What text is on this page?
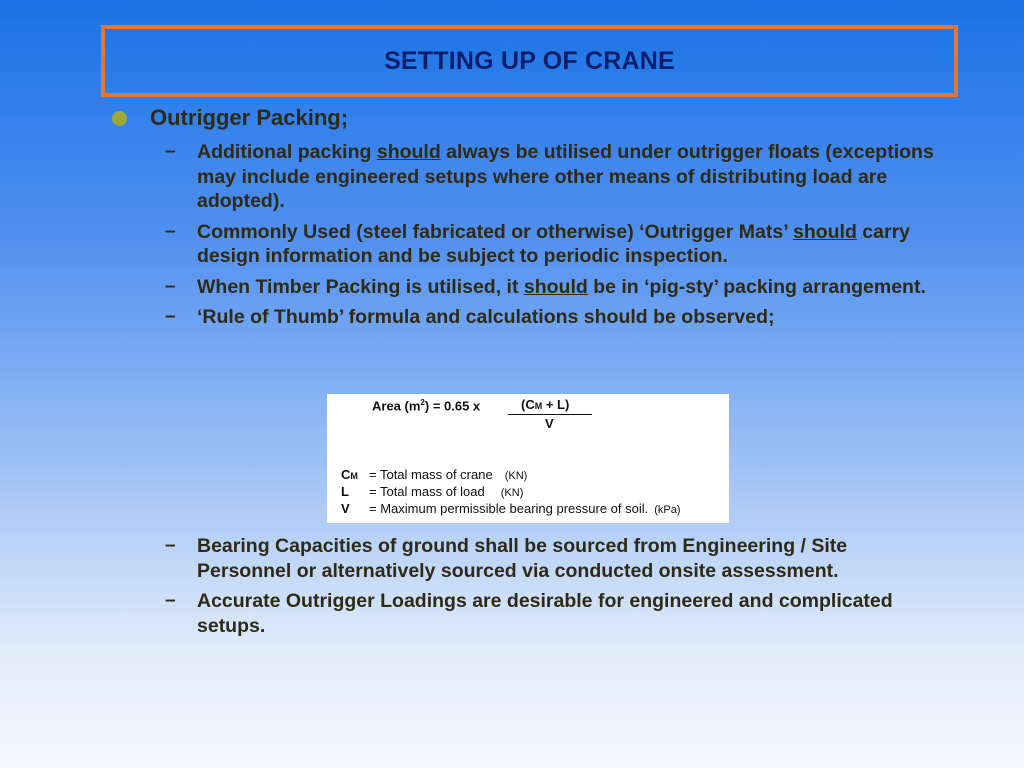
SETTING UP OF CRANE
Outrigger Packing;
–	Additional packing should always be utilised under outrigger floats (exceptions may include engineered setups where other means of distributing load are adopted).
–	Commonly Used (steel fabricated or otherwise) ‘Outrigger Mats’ should carry design information and be subject to periodic inspection.
–	When Timber Packing is utilised, it should be in ‘pig-sty’ packing arrangement.
–	‘Rule of Thumb’ formula and calculations should be observed;
Area $(m^2) = 0.65$ x	(CM + L)
V
CM = Total mass of crane (KN)
L	= Total mass of load (KN)
V	= Maximum permissible bearing pressure of soil. (kPa)
–	Bearing Capacities of ground shall be sourced from Engineering / Site Personnel or alternatively sourced via conducted onsite assessment.
–	Accurate Outrigger Loadings are desirable for engineered and complicated setups.
